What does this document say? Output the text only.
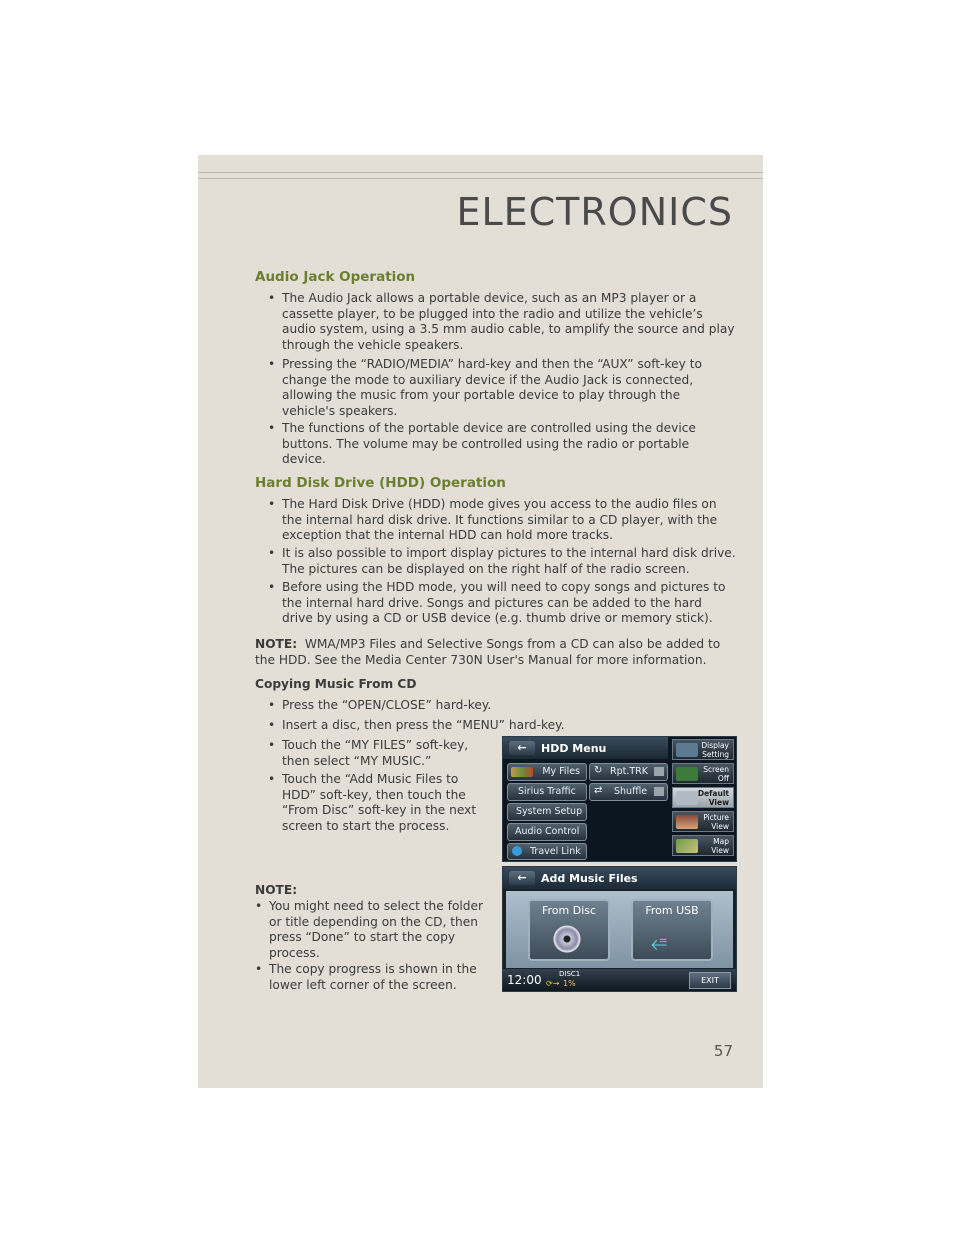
ELECTRONICS
Audio Jack Operation
• The Audio Jack allows a portable device, such as an MP3 player or a cassette player, to be plugged into the radio and utilize the vehicle’s audio system, using a 3.5 mm audio cable, to amplify the source and play through the vehicle speakers.
• Pressing the “RADIO/MEDIA” hard-key and then the “AUX” soft-key to change the mode to auxiliary device if the Audio Jack is connected, allowing the music from your portable device to play through the vehicle's speakers.
• The functions of the portable device are controlled using the device buttons. The volume may be controlled using the radio or portable device.
Hard Disk Drive (HDD) Operation
• The Hard Disk Drive (HDD) mode gives you access to the audio files on the internal hard disk drive. It functions similar to a CD player, with the exception that the internal HDD can hold more tracks.
• It is also possible to import display pictures to the internal hard disk drive. The pictures can be displayed on the right half of the radio screen.
• Before using the HDD mode, you will need to copy songs and pictures to the internal hard drive. Songs and pictures can be added to the hard drive by using a CD or USB device (e.g. thumb drive or memory stick).

NOTE: WMA/MP3 Files and Selective Songs from a CD can also be added to the HDD. See the Media Center 730N User's Manual for more information.

Copying Music From CD

• Press the “OPEN/CLOSE” hard-key.
• Insert a disc, then press the “MENU” hard-key.
• Touch the “MY FILES” soft-key, then select “MY MUSIC.”
• Touch the “Add Music Files to HDD” soft-key, then touch the “From Disc” soft-key in the next screen to start the process.

NOTE:

• You might need to select the folder or title depending on the CD, then press “Done” to start the copy process.
• The copy progress is shown in the lower left corner of the screen.
←	HDD Menu
My Files
Sirius Traffic
System Setup
Audio Control
Travel Link
↻ Rpt.TRK
⇄ Shuffle
Display
Setting
Screen
Off
Default
View
Picture
View
Map
View
←	Add Music Files
From Disc	From USB
⭀
12:00 DISC1
⟳→ 1%	EXIT
57
